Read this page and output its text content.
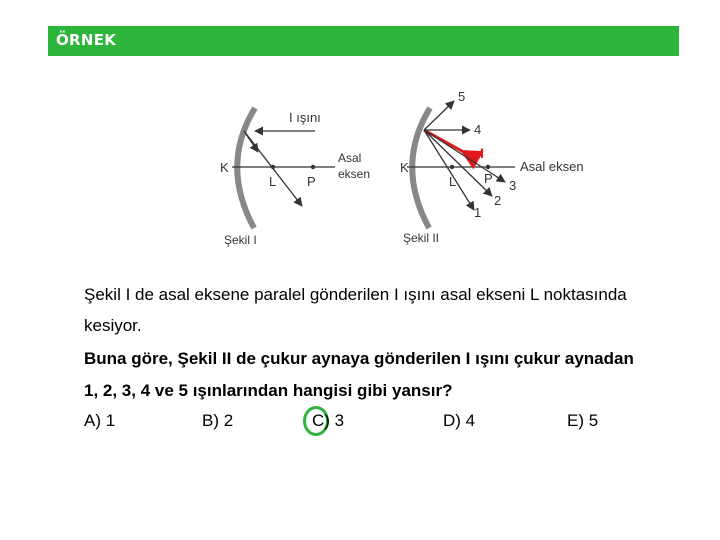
ÖRNEK
I ışını
Asal
eksen
K
L P
Şekil I
1
2
3
4
5
I
Asal eksen
K
L P
Şekil II
Şekil I de asal eksene paralel gönderilen I ışını asal ekseni L noktasında
kesiyor.
Buna göre, Şekil II de çukur aynaya gönderilen I ışını çukur aynadan
1, 2, 3, 4 ve 5 ışınlarından hangisi gibi yansır?
A) 1	B) 2	C) 3	D) 4	E) 5
